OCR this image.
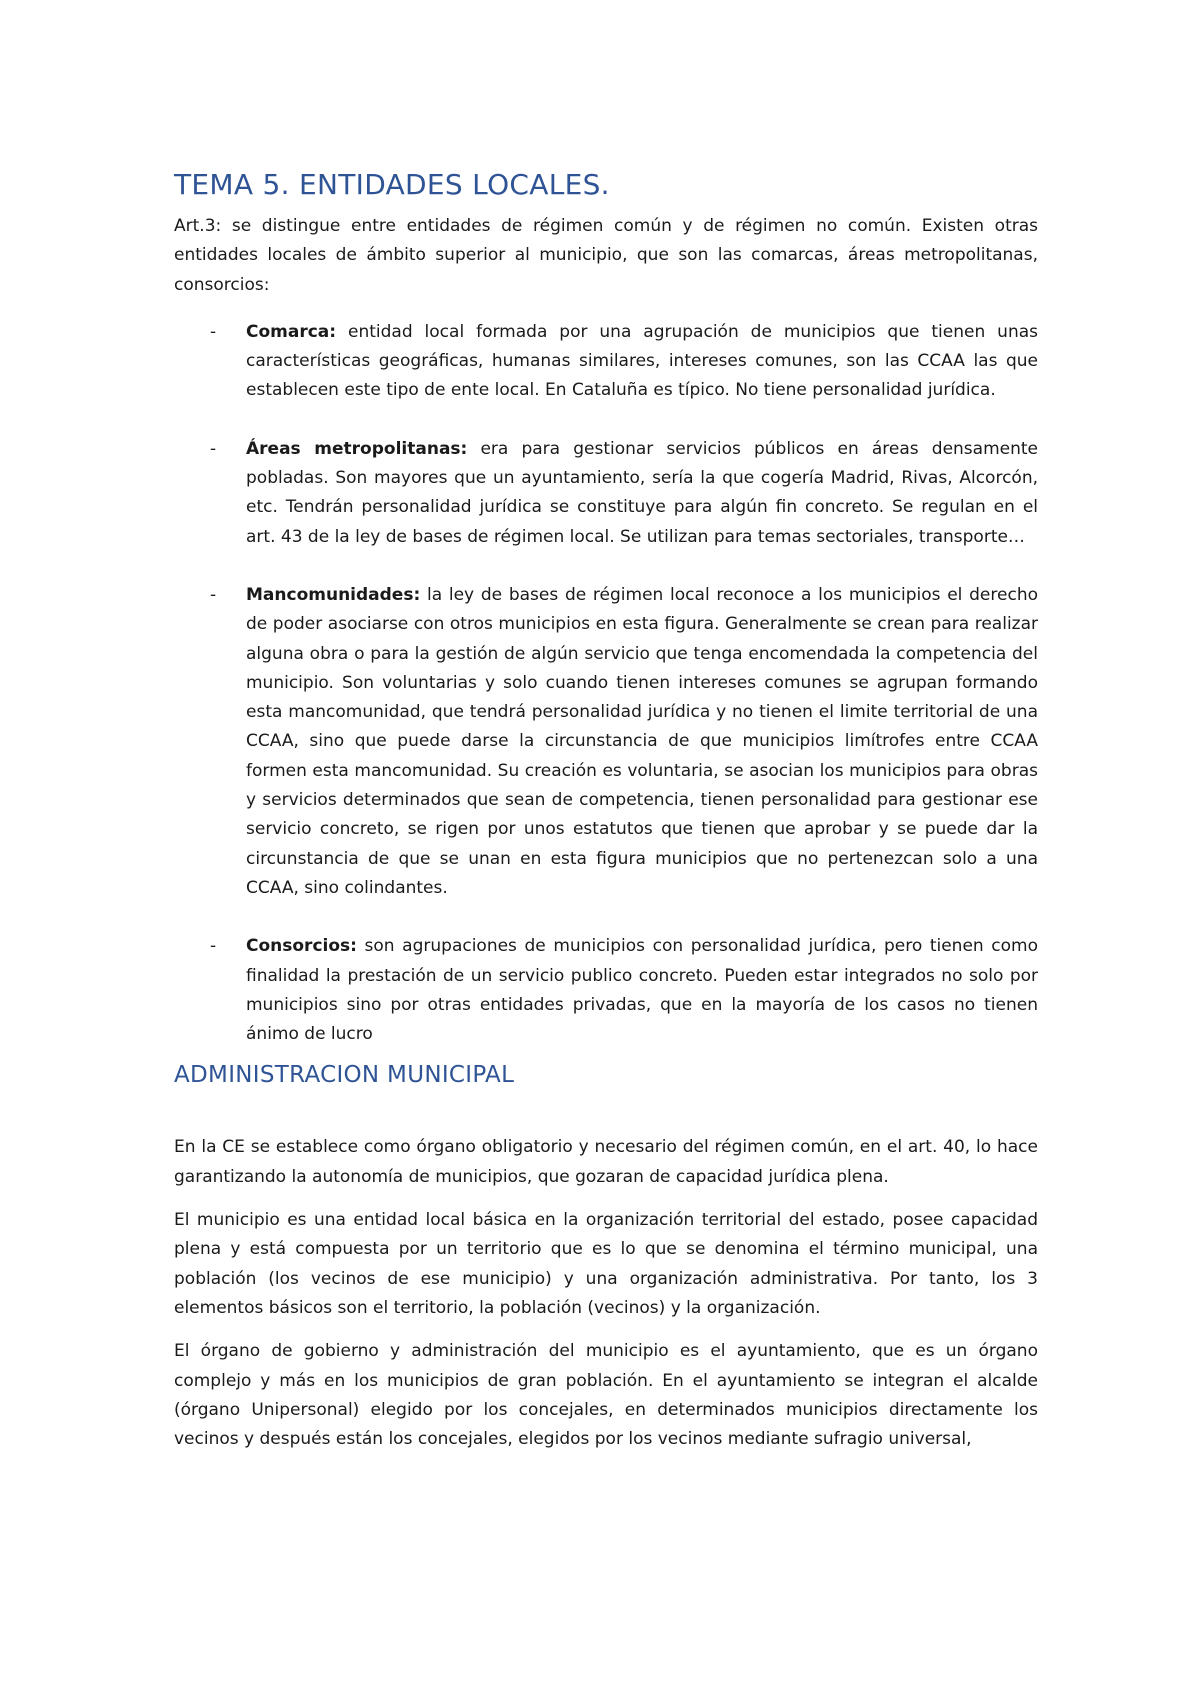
TEMA 5. ENTIDADES LOCALES.

Art.3: se distingue entre entidades de régimen común y de régimen no común. Existen otras entidades locales de ámbito superior al municipio, que son las comarcas, áreas metropolitanas, consorcios:

- Comarca: entidad local formada por una agrupación de municipios que tienen unas características geográficas, humanas similares, intereses comunes, son las CCAA las que establecen este tipo de ente local. En Cataluña es típico. No tiene personalidad jurídica.
- Áreas metropolitanas: era para gestionar servicios públicos en áreas densamente pobladas. Son mayores que un ayuntamiento, sería la que cogería Madrid, Rivas, Alcorcón, etc. Tendrán personalidad jurídica se constituye para algún fin concreto. Se regulan en el art. 43 de la ley de bases de régimen local. Se utilizan para temas sectoriales, transporte…
- Mancomunidades: la ley de bases de régimen local reconoce a los municipios el derecho de poder asociarse con otros municipios en esta figura. Generalmente se crean para realizar alguna obra o para la gestión de algún servicio que tenga encomendada la competencia del municipio. Son voluntarias y solo cuando tienen intereses comunes se agrupan formando esta mancomunidad, que tendrá personalidad jurídica y no tienen el limite territorial de una CCAA, sino que puede darse la circunstancia de que municipios limítrofes entre CCAA formen esta mancomunidad. Su creación es voluntaria, se asocian los municipios para obras y servicios determinados que sean de competencia, tienen personalidad para gestionar ese servicio concreto, se rigen por unos estatutos que tienen que aprobar y se puede dar la circunstancia de que se unan en esta figura municipios que no pertenezcan solo a una CCAA, sino colindantes.
- Consorcios: son agrupaciones de municipios con personalidad jurídica, pero tienen como finalidad la prestación de un servicio publico concreto. Pueden estar integrados no solo por municipios sino por otras entidades privadas, que en la mayoría de los casos no tienen ánimo de lucro
ADMINISTRACION MUNICIPAL

En la CE se establece como órgano obligatorio y necesario del régimen común, en el art. 40, lo hace garantizando la autonomía de municipios, que gozaran de capacidad jurídica plena.

El municipio es una entidad local básica en la organización territorial del estado, posee capacidad plena y está compuesta por un territorio que es lo que se denomina el término municipal, una población (los vecinos de ese municipio) y una organización administrativa. Por tanto, los 3 elementos básicos son el territorio, la población (vecinos) y la organización.

El órgano de gobierno y administración del municipio es el ayuntamiento, que es un órgano complejo y más en los municipios de gran población. En el ayuntamiento se integran el alcalde (órgano Unipersonal) elegido por los concejales, en determinados municipios directamente los vecinos y después están los concejales, elegidos por los vecinos mediante sufragio universal,
